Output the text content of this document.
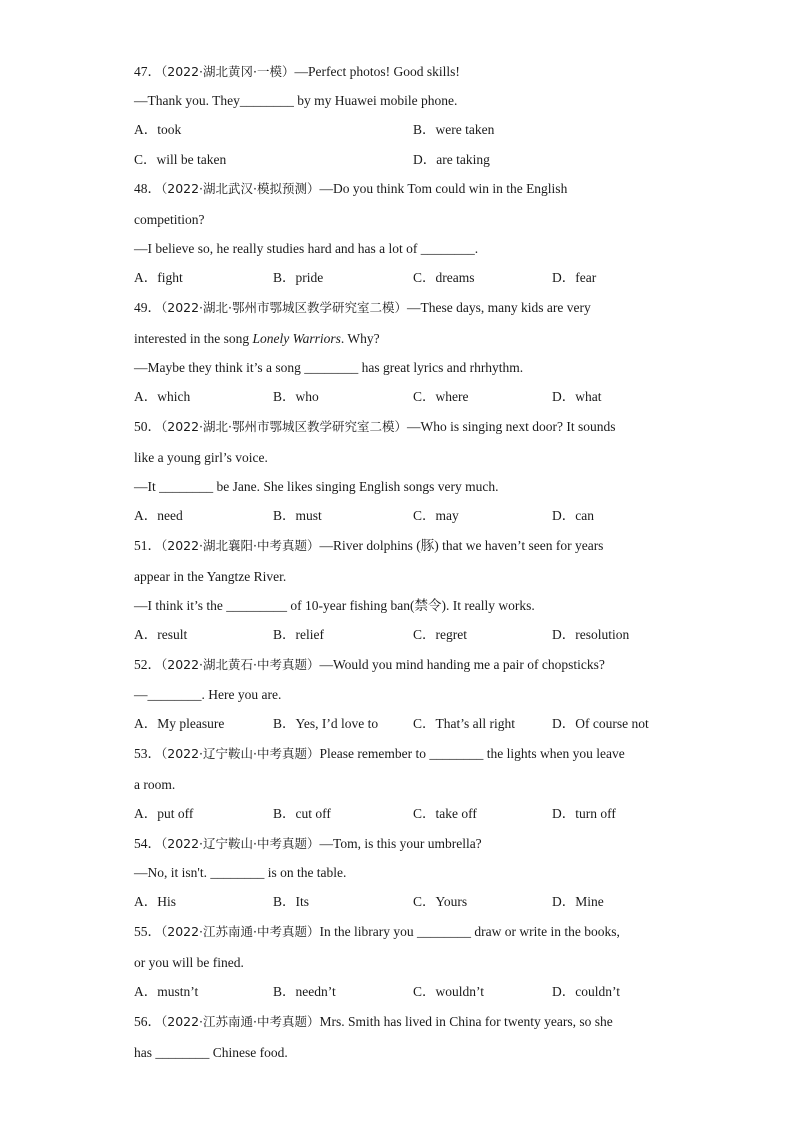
47．（2022·湖北黄冈·一模）—Perfect photos! Good skills!
—Thank you. They________ by my Huawei mobile phone.
A．took	B．were taken
C．will be taken	D．are taking
48．（2022·湖北武汉·模拟预测）—Do you think Tom could win in the English
competition?
—I believe so, he really studies hard and has a lot of ________.
A．fight	B．pride	C．dreams	D．fear
49．（2022·湖北·鄂州市鄂城区教学研究室二模）—These days, many kids are very
interested in the song Lonely Warriors. Why?
—Maybe they think it’s a song ________ has great lyrics and rhrhythm.
A．which	B．who	C．where	D．what
50．（2022·湖北·鄂州市鄂城区教学研究室二模）—Who is singing next door? It sounds
like a young girl’s voice.
—It ________ be Jane. She likes singing English songs very much.
A．need	B．must	C．may	D．can
51．（2022·湖北襄阳·中考真题）—River dolphins (豚) that we haven’t seen for years
appear in the Yangtze River.
—I think it’s the _________ of 10-year fishing ban(禁令). It really works.
A．result	B．relief	C．regret	D．resolution
52．（2022·湖北黄石·中考真题）—Would you mind handing me a pair of chopsticks?
—________. Here you are.
A．My pleasure	B．Yes, I’d love to	C．That’s all right	D．Of course not
53．（2022·辽宁鞍山·中考真题）Please remember to ________ the lights when you leave
a room.
A．put off	B．cut off	C．take off	D．turn off
54．（2022·辽宁鞍山·中考真题）—Tom, is this your umbrella?
—No, it isn't. ________ is on the table.
A．His	B．Its	C．Yours	D．Mine
55．（2022·江苏南通·中考真题）In the library you ________ draw or write in the books,
or you will be fined.
A．mustn’t	B．needn’t	C．wouldn’t	D．couldn’t
56．（2022·江苏南通·中考真题）Mrs. Smith has lived in China for twenty years, so she
has ________ Chinese food.
